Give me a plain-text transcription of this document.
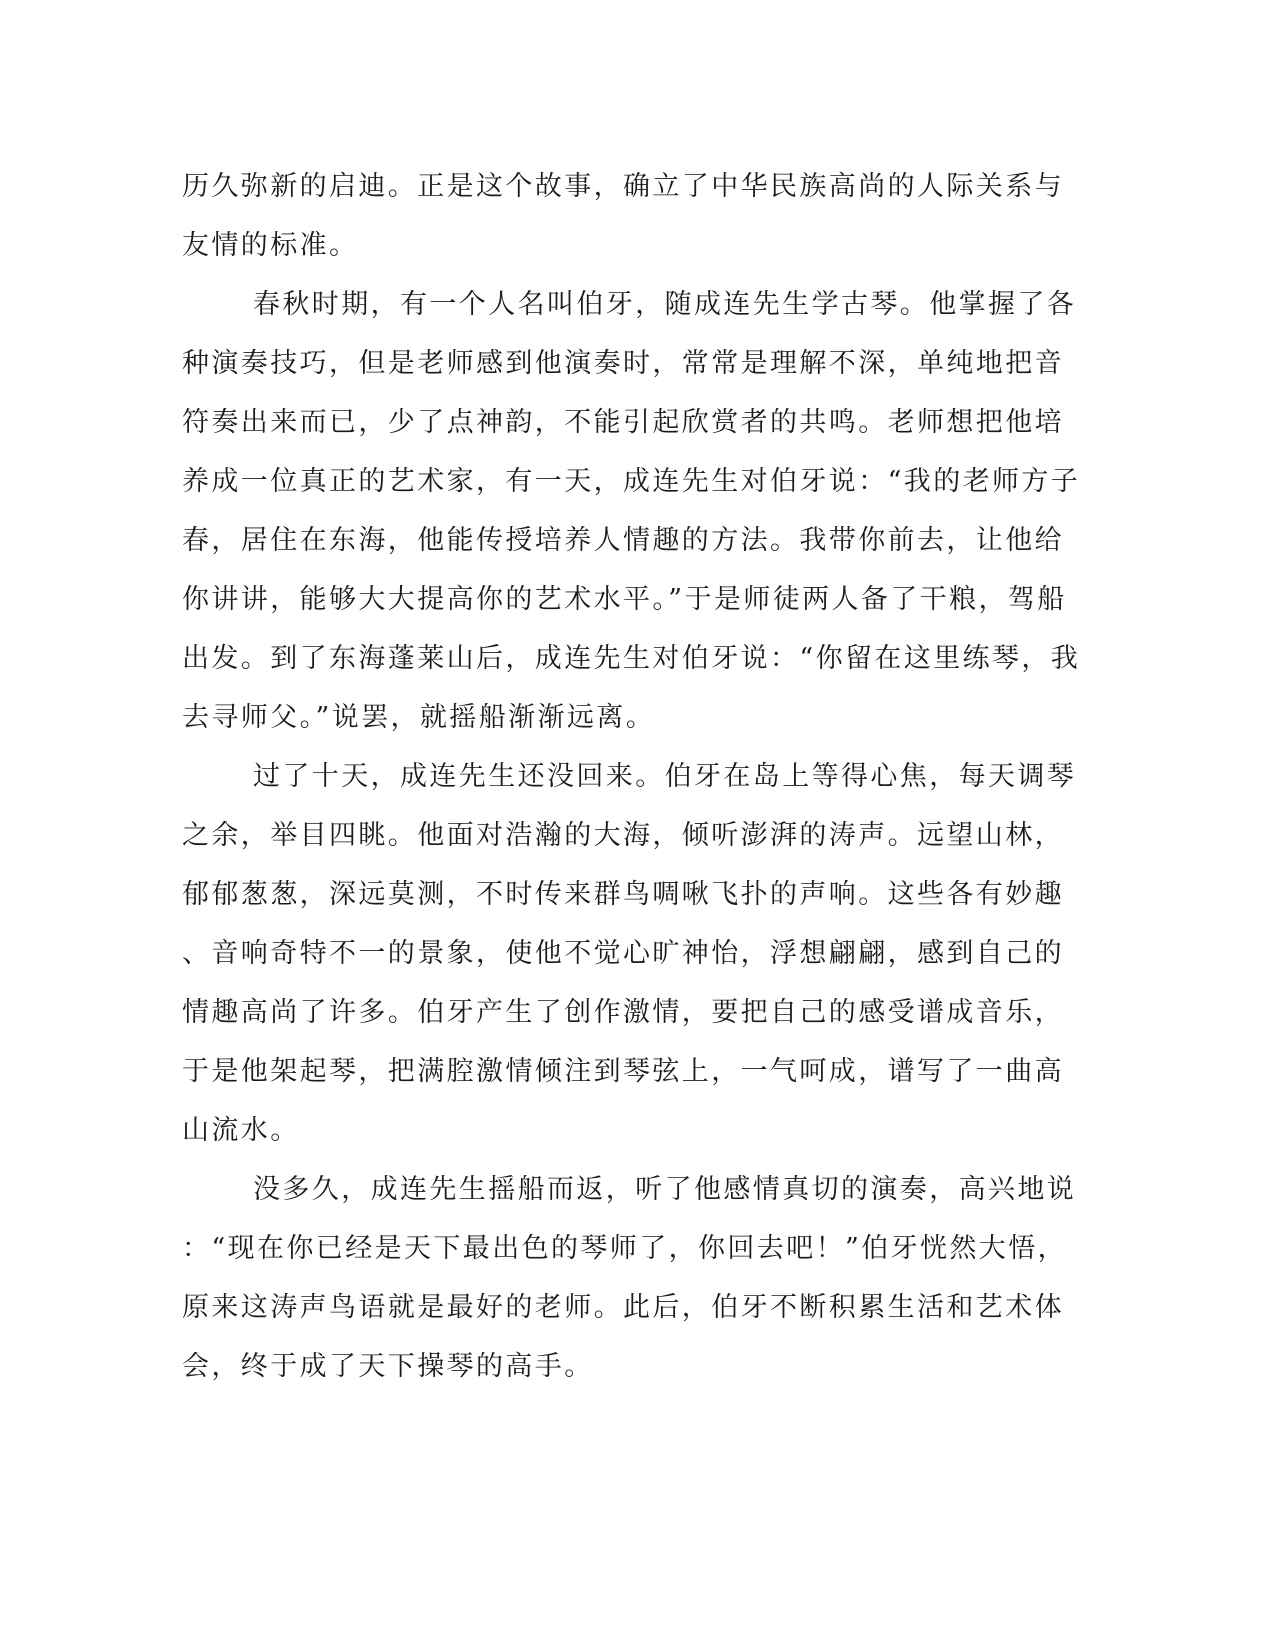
历久弥新的启迪。正是这个故事，确立了中华民族高尚的人际关系与
友情的标准。
春秋时期，有一个人名叫伯牙，随成连先生学古琴。他掌握了各
种演奏技巧，但是老师感到他演奏时，常常是理解不深，单纯地把音
符奏出来而已，少了点神韵，不能引起欣赏者的共鸣。老师想把他培
养成一位真正的艺术家，有一天，成连先生对伯牙说：“我的老师方子
春，居住在东海，他能传授培养人情趣的方法。我带你前去，让他给
你讲讲，能够大大提高你的艺术水平。”于是师徒两人备了干粮，驾船
出发。到了东海蓬莱山后，成连先生对伯牙说：“你留在这里练琴，我
去寻师父。”说罢，就摇船渐渐远离。
过了十天，成连先生还没回来。伯牙在岛上等得心焦，每天调琴
之余，举目四眺。他面对浩瀚的大海，倾听澎湃的涛声。远望山林，
郁郁葱葱，深远莫测，不时传来群鸟啁啾飞扑的声响。这些各有妙趣
、音响奇特不一的景象，使他不觉心旷神怡，浮想翩翩，感到自己的
情趣高尚了许多。伯牙产生了创作激情，要把自己的感受谱成音乐，
于是他架起琴，把满腔激情倾注到琴弦上，一气呵成，谱写了一曲高
山流水。
没多久，成连先生摇船而返，听了他感情真切的演奏，高兴地说
：“现在你已经是天下最出色的琴师了，你回去吧！”伯牙恍然大悟，
原来这涛声鸟语就是最好的老师。此后，伯牙不断积累生活和艺术体
会，终于成了天下操琴的高手。
